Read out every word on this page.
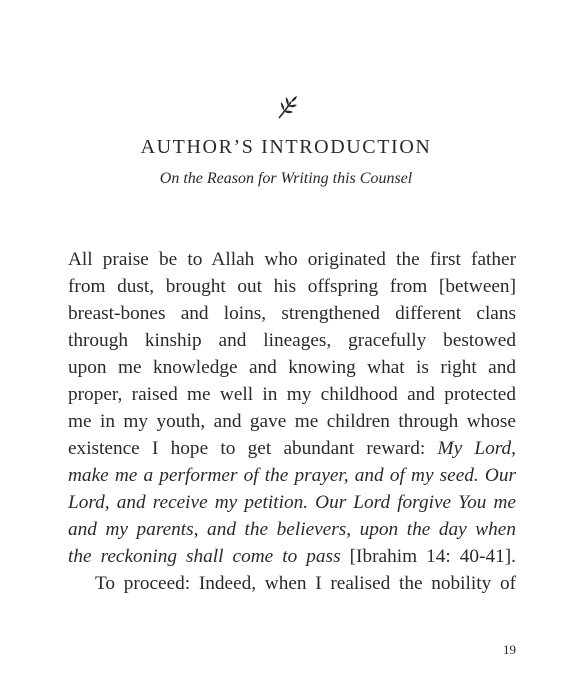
AUTHOR’S INTRODUCTION
On the Reason for Writing this Counsel
All praise be to Allah who originated the first father
from dust, brought out his offspring from [between]
breast-bones and loins, strengthened different clans
through kinship and lineages, gracefully bestowed
upon me knowledge and knowing what is right and
proper, raised me well in my childhood and protected
me in my youth, and gave me children through whose
existence I hope to get abundant reward: My Lord,
make me a performer of the prayer, and of my seed. Our
Lord, and receive my petition. Our Lord forgive You me
and my parents, and the believers, upon the day when
the reckoning shall come to pass [Ibrahim 14: 40-41].
To proceed: Indeed, when I realised the nobility of
19
